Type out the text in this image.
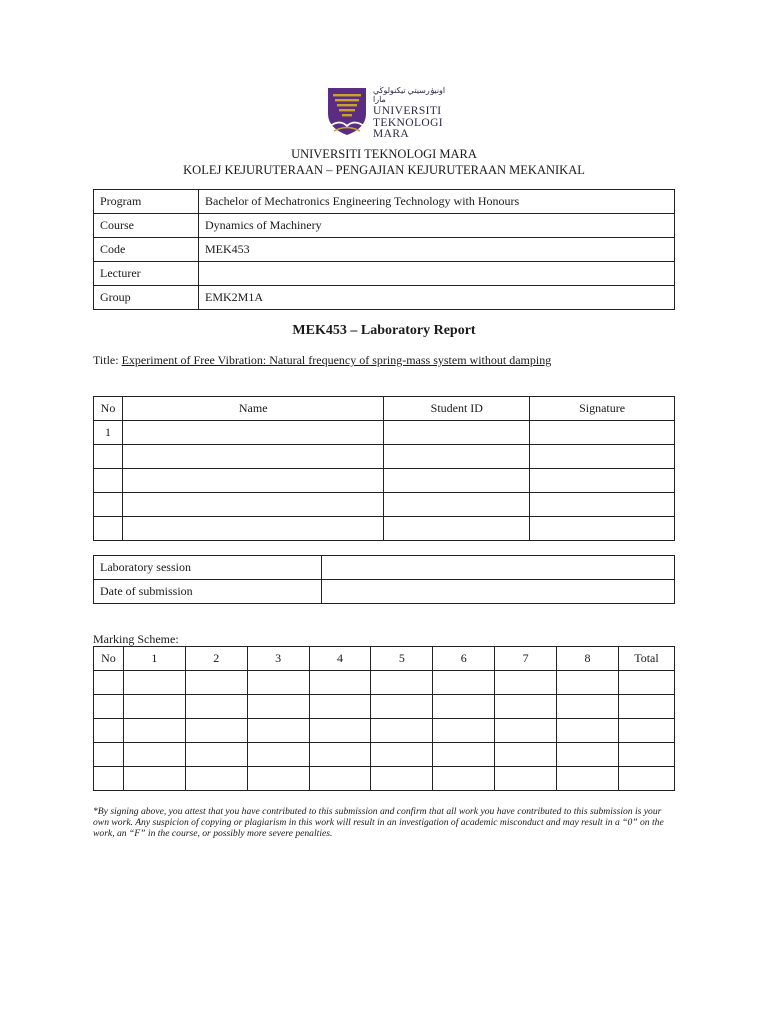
اونيۏرسيتي تيكنولوڬي مارا
UNIVERSITI
TEKNOLOGI
MARA
UNIVERSITI TEKNOLOGI MARA
KOLEJ KEJURUTERAAN – PENGAJIAN KEJURUTERAAN MEKANIKAL
Program	Bachelor of Mechatronics Engineering Technology with Honours
Course	Dynamics of Machinery
Code	MEK453
Lecturer	
Group	EMK2M1A
MEK453 – Laboratory Report
Title: Experiment of Free Vibration: Natural frequency of spring-mass system without damping
No	Name	Student ID	Signature
1			

Laboratory session	
Date of submission	
Marking Scheme:
No	1	2	3	4	5	6	7	8	Total

*By signing above, you attest that you have contributed to this submission and confirm that all work you have contributed to this submission is your own work. Any suspicion of copying or plagiarism in this work will result in an investigation of academic misconduct and may result in a “0” on the work, an “F” in the course, or possibly more severe penalties.
